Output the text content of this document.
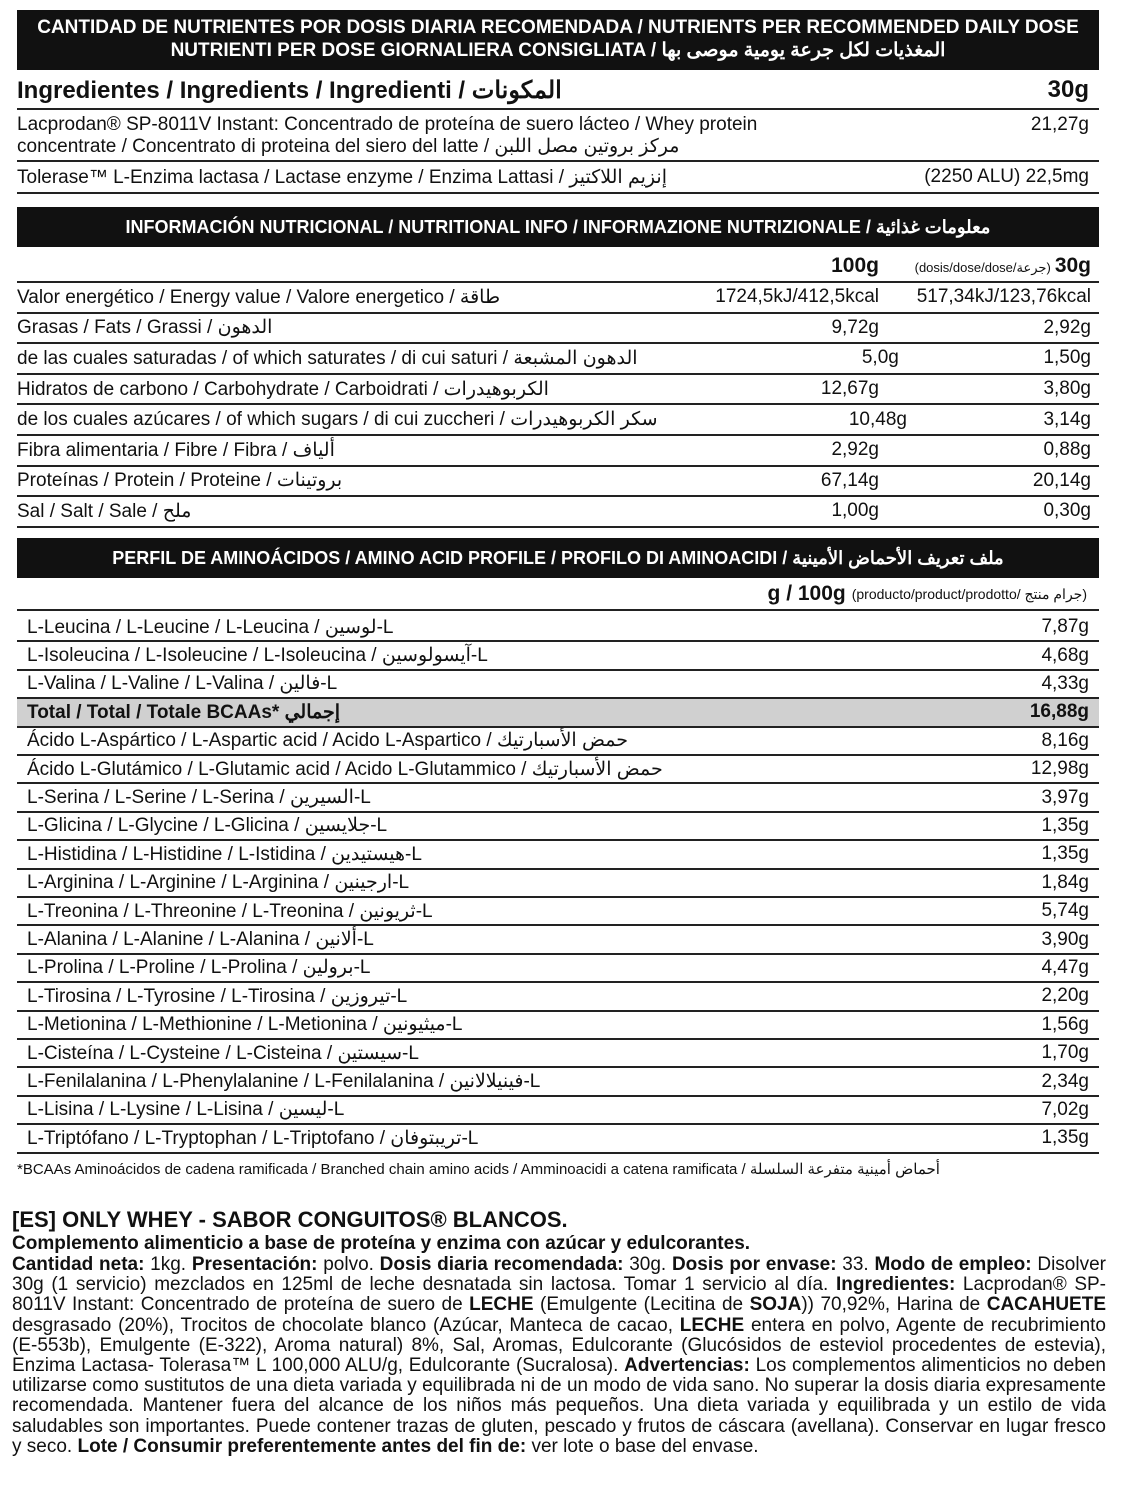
CANTIDAD DE NUTRIENTES POR DOSIS DIARIA RECOMENDADA / NUTRIENTS PER RECOMMENDED DAILY DOSE
NUTRIENTI PER DOSE GIORNALIERA CONSIGLIATA / المغذيات لكل جرعة يومية موصى بها
Ingredientes / Ingredients / Ingredienti / المكونات	30g
Lacprodan® SP-8011V Instant: Concentrado de proteína de suero lácteo / Whey protein
concentrate / Concentrato di proteina del siero del latte / مركز بروتين مصل اللبن
21,27g
Tolerase™ L-Enzima lactasa / Lactase enzyme / Enzima Lattasi / إنزيم اللاكتيز	(2250 ALU) 22,5mg
INFORMACIÓN NUTRICIONAL / NUTRITIONAL INFO / INFORMAZIONE NUTRIZIONALE / معلومات غذائية
100g	(dosis/dose/dose/جرعة) 30g
Valor energético / Energy value / Valore energetico / طاقة	1724,5kJ/412,5kcal	517,34kJ/123,76kcal
Grasas / Fats / Grassi / الدهون	9,72g	2,92g
de las cuales saturadas / of which saturates / di cui saturi / الدهون المشبعة	5,0g	1,50g
Hidratos de carbono / Carbohydrate / Carboidrati / الكربوهيدرات	12,67g	3,80g
de los cuales azúcares / of which sugars / di cui zuccheri / سكر الكربوهيدرات	10,48g	3,14g
Fibra alimentaria / Fibre / Fibra / ألياف	2,92g	0,88g
Proteínas / Protein / Proteine / بروتينات	67,14g	20,14g
Sal / Salt / Sale / ملح	1,00g	0,30g
PERFIL DE AMINOÁCIDOS / AMINO ACID PROFILE / PROFILO DI AMINOACIDI / ملف تعريف الأحماض الأمينية
g / 100g (producto/product/prodotto/ جرام منتج)
L-Leucina / L-Leucine / L-Leucina / لوسين-L	7,87g
L-Isoleucina / L-Isoleucine / L-Isoleucina / آيسولوسين-L	4,68g
L-Valina / L-Valine / L-Valina / فالين-L	4,33g
Total / Total / Totale BCAAs* إجمالي	16,88g
Ácido L-Aspártico / L-Aspartic acid / Acido L-Aspartico / حمض الأسبارتيك	8,16g
Ácido L-Glutámico / L-Glutamic acid / Acido L-Glutammico / حمض الأسبارتيك	12,98g
L-Serina / L-Serine / L-Serina / السيرين-L	3,97g
L-Glicina / L-Glycine / L-Glicina / جلايسين-L	1,35g
L-Histidina / L-Histidine / L-Istidina / هيستيدين-L	1,35g
L-Arginina / L-Arginine / L-Arginina / ارجينين-L	1,84g
L-Treonina / L-Threonine / L-Treonina / ثريونين-L	5,74g
L-Alanina / L-Alanine / L-Alanina / ألانين-L	3,90g
L-Prolina / L-Proline / L-Prolina / برولين-L	4,47g
L-Tirosina / L-Tyrosine / L-Tirosina / تيروزين-L	2,20g
L-Metionina / L-Methionine / L-Metionina / ميثيونين-L	1,56g
L-Cisteína / L-Cysteine / L-Cisteina / سيستين-L	1,70g
L-Fenilalanina / L-Phenylalanine / L-Fenilalanina / فينيلالانين-L	2,34g
L-Lisina / L-Lysine / L-Lisina / ليسين-L	7,02g
L-Triptófano / L-Tryptophan / L-Triptofano / تريبتوفان-L	1,35g
*BCAAs Aminoácidos de cadena ramificada / Branched chain amino acids / Amminoacidi a catena ramificata / أحماض أمينية متفرعة السلسلة

[ES] ONLY WHEY - SABOR CONGUITOS® BLANCOS.

Complemento alimenticio a base de proteína y enzima con azúcar y edulcorantes.

Cantidad neta: 1kg. Presentación: polvo. Dosis diaria recomendada: 30g. Dosis por envase: 33. Modo de empleo: Disolver 30g (1 servicio) mezclados en 125ml de leche desnatada sin lactosa. Tomar 1 servicio al día. Ingredientes: Lacprodan® SP-8011V Instant: Concentrado de proteína de suero de LECHE (Emulgente (Lecitina de SOJA)) 70,92%, Harina de CACAHUETE desgrasado (20%), Trocitos de chocolate blanco (Azúcar, Manteca de cacao, LECHE entera en polvo, Agente de recubrimiento (E-553b), Emulgente (E-322), Aroma natural) 8%, Sal, Aromas, Edulcorante (Glucósidos de esteviol procedentes de estevia), Enzima Lactasa- Tolerasa™ L 100,000 ALU/g, Edulcorante (Sucralosa). Advertencias: Los complementos alimenticios no deben utilizarse como sustitutos de una dieta variada y equilibrada ni de un modo de vida sano. No superar la dosis diaria expresamente recomendada. Mantener fuera del alcance de los niños más pequeños. Una dieta variada y equilibrada y un estilo de vida saludables son importantes. Puede contener trazas de gluten, pescado y frutos de cáscara (avellana). Conservar en lugar fresco y seco. Lote / Consumir preferentemente antes del fin de: ver lote o base del envase.
